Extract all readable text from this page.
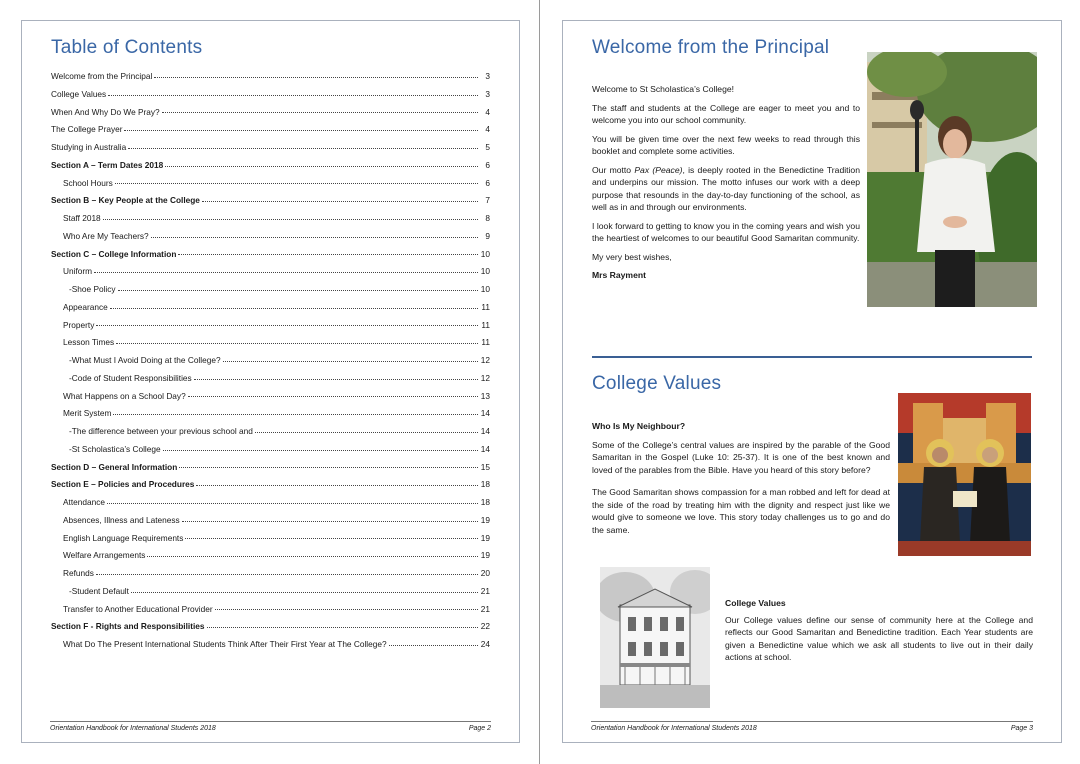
Table of Contents
Welcome from the Principal	3
College Values	3
When And Why Do We Pray?	4
The College Prayer	4
Studying in Australia	5
Section A – Term Dates 2018	6
School Hours	6
Section B – Key People at the College	7
Staff 2018	8
Who Are My Teachers?	9
Section C – College Information	10
Uniform	10
-Shoe Policy	10
Appearance	11
Property	11
Lesson Times	11
-What Must I Avoid Doing at the College?	12
-Code of Student Responsibilities	12
What Happens on a School Day?	13
Merit System	14
-The difference between your previous school and	14
-St Scholastica’s College	14
Section D – General Information	15
Section E – Policies and Procedures	18
Attendance	18
Absences, Illness and Lateness	19
English Language Requirements	19
Welfare Arrangements	19
Refunds	20
-Student Default	21
Transfer to Another Educational Provider	21
Section F - Rights and Responsibilities	22
What Do The Present International Students Think After Their First Year at The College?	24
Orientation Handbook for International Students 2018	Page 2
Welcome from the Principal

Welcome to St Scholastica’s College!

The staff and students at the College are eager to meet you and to welcome you into our school community.

You will be given time over the next few weeks to read through this booklet and complete some activities.

Our motto Pax (Peace), is deeply rooted in the Benedictine Tradition and underpins our mission. The motto infuses our work with a deep purpose that resounds in the day-to-day functioning of the school, as well as in and through our environments.

I look forward to getting to know you in the coming years and wish you the heartiest of welcomes to our beautiful Good Samaritan community.

My very best wishes,

Mrs Rayment

College Values

Who Is My Neighbour?

Some of the College’s central values are inspired by the parable of the Good Samaritan in the Gospel (Luke 10: 25-37). It is one of the best known and loved of the parables from the Bible. Have you heard of this story before?

The Good Samaritan shows compassion for a man robbed and left for dead at the side of the road by treating him with the dignity and respect just like we would give to someone we love. This story today challenges us to go and do the same.

College Values

Our College values define our sense of community here at the College and reflects our Good Samaritan and Benedictine tradition. Each Year students are given a Benedictine value which we ask all students to live out in their daily actions at school.

Orientation Handbook for International Students 2018	Page 3
